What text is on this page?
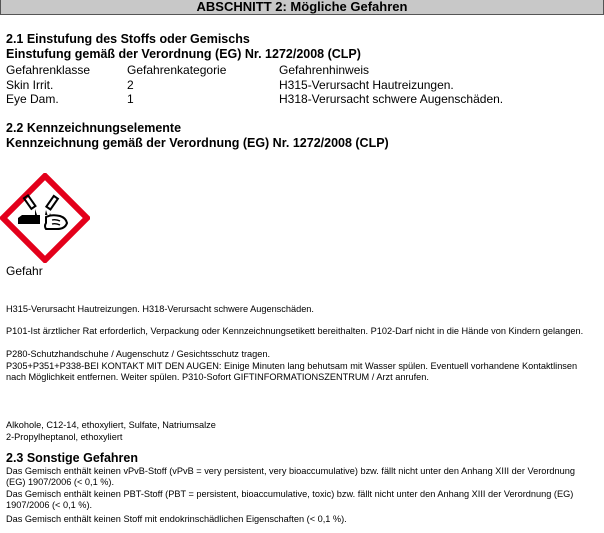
ABSCHNITT 2: Mögliche Gefahren
2.1 Einstufung des Stoffs oder Gemischs
Einstufung gemäß der Verordnung (EG) Nr. 1272/2008 (CLP)
Gefahrenklasse	Gefahrenkategorie	Gefahrenhinweis
Skin Irrit.	2	H315-Verursacht Hautreizungen.
Eye Dam.	1	H318-Verursacht schwere Augenschäden.
2.2 Kennzeichnungselemente
Kennzeichnung gemäß der Verordnung (EG) Nr. 1272/2008 (CLP)
Gefahr
H315-Verursacht Hautreizungen. H318-Verursacht schwere Augenschäden.
P101-Ist ärztlicher Rat erforderlich, Verpackung oder Kennzeichnungsetikett bereithalten. P102-Darf nicht in die Hände von Kindern gelangen.
P280-Schutzhandschuhe / Augenschutz / Gesichtsschutz tragen.
P305+P351+P338-BEI KONTAKT MIT DEN AUGEN: Einige Minuten lang behutsam mit Wasser spülen. Eventuell vorhandene Kontaktlinsen nach Möglichkeit entfernen. Weiter spülen. P310-Sofort GIFTINFORMATIONSZENTRUM / Arzt anrufen.
Alkohole, C12-14, ethoxyliert, Sulfate, Natriumsalze
2-Propylheptanol, ethoxyliert
2.3 Sonstige Gefahren
Das Gemisch enthält keinen vPvB-Stoff (vPvB = very persistent, very bioaccumulative) bzw. fällt nicht unter den Anhang XIII der Verordnung (EG) 1907/2006 (< 0,1 %).
Das Gemisch enthält keinen PBT-Stoff (PBT = persistent, bioaccumulative, toxic) bzw. fällt nicht unter den Anhang XIII der Verordnung (EG) 1907/2006 (< 0,1 %).
Das Gemisch enthält keinen Stoff mit endokrinschädlichen Eigenschaften (< 0,1 %).
